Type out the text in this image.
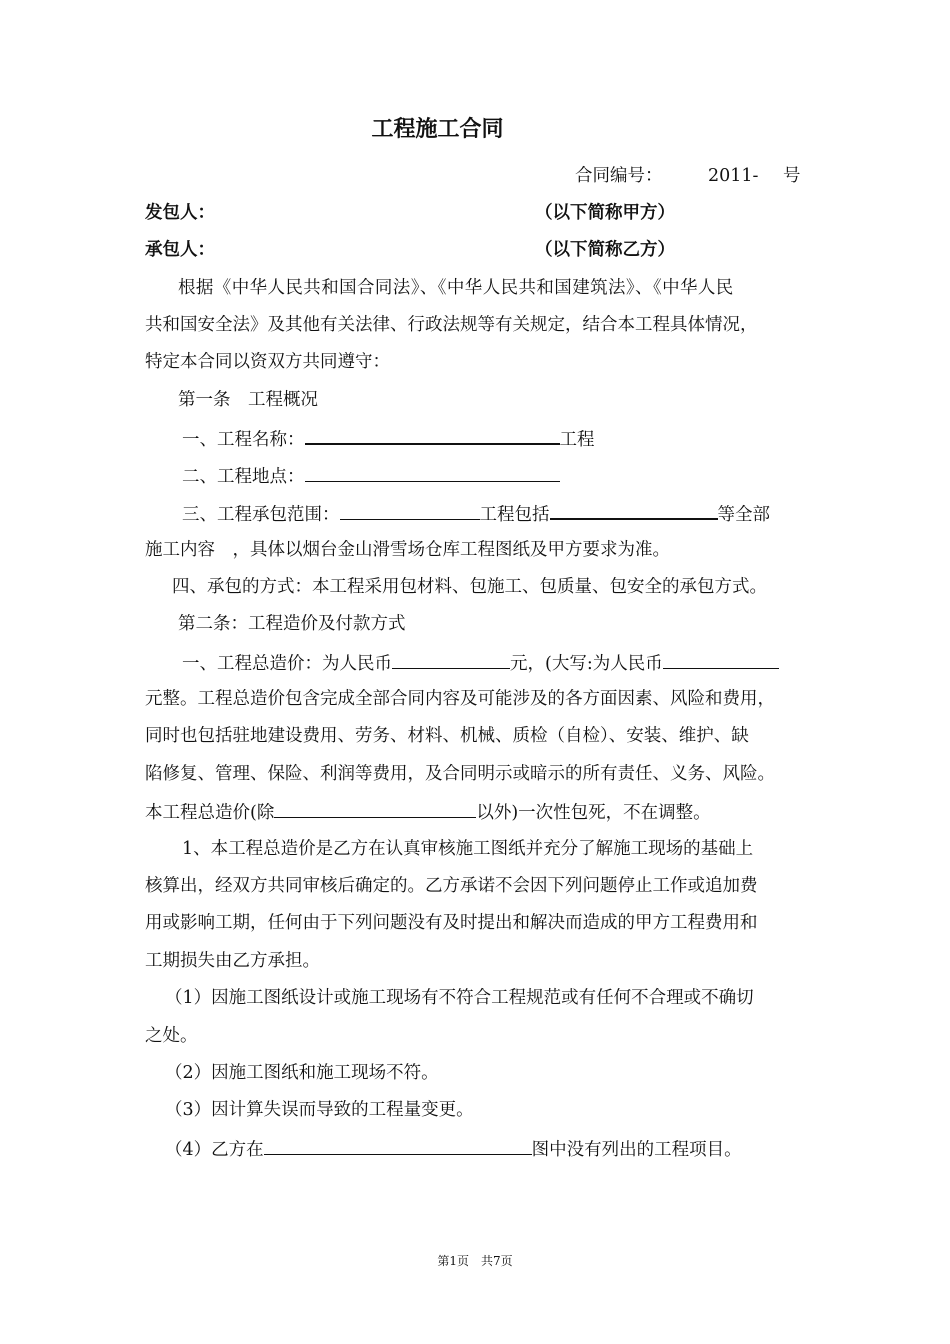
工程施工合同
合同编号：	2011- 号
发包人：	（以下简称甲方）
承包人：	（以下简称乙方）
根据《中华人民共和国合同法》、《中华人民共和国建筑法》、《中华人民
共和国安全法》及其他有关法律、行政法规等有关规定，结合本工程具体情况，
特定本合同以资双方共同遵守：
第一条　工程概况
一、工程名称：	工程
二、工程地点：
三、工程承包范围：	工程包括	等全部
施工内容　，具体以烟台金山滑雪场仓库工程图纸及甲方要求为准。
四、承包的方式：本工程采用包材料、包施工、包质量、包安全的承包方式。
第二条：工程造价及付款方式
一、工程总造价：为人民币	元，(大写:为人民币
元整。工程总造价包含完成全部合同内容及可能涉及的各方面因素、风险和费用，
同时也包括驻地建设费用、劳务、材料、机械、质检（自检）、安装、维护、缺
陷修复、管理、保险、利润等费用，及合同明示或暗示的所有责任、义务、风险。
本工程总造价(除	以外)一次性包死，不在调整。
1、本工程总造价是乙方在认真审核施工图纸并充分了解施工现场的基础上
核算出，经双方共同审核后确定的。乙方承诺不会因下列问题停止工作或追加费
用或影响工期，任何由于下列问题没有及时提出和解决而造成的甲方工程费用和
工期损失由乙方承担。
（1）因施工图纸设计或施工现场有不符合工程规范或有任何不合理或不确切
之处。
（2）因施工图纸和施工现场不符。
（3）因计算失误而导致的工程量变更。
（4）乙方在	图中没有列出的工程项目。
第1页　共7页
